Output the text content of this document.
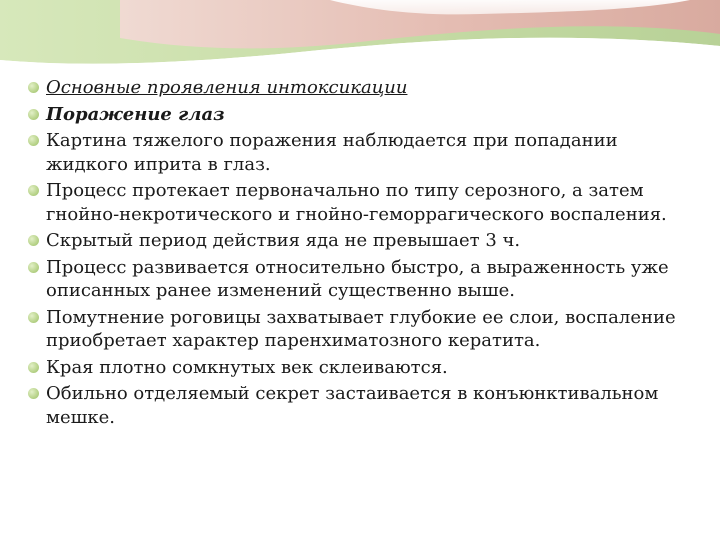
Основные проявления интоксикации
Поражение глаз
Картина тяжелого поражения наблюдается при попадании жидкого иприта в глаз.
Процесс протекает первоначально по типу серозного, а затем гнойно-некротического и гнойно-геморрагического воспаления.
Скрытый период действия яда не превышает 3 ч.
Процесс развивается относительно быстро, а выраженность уже описанных ранее изменений существенно выше.
Помутнение роговицы захватывает глубокие ее слои, воспаление приобретает характер паренхиматозного кератита.
Края плотно сомкнутых век склеиваются.
Обильно отделяемый секрет застаивается в конъюнктивальном мешке.
